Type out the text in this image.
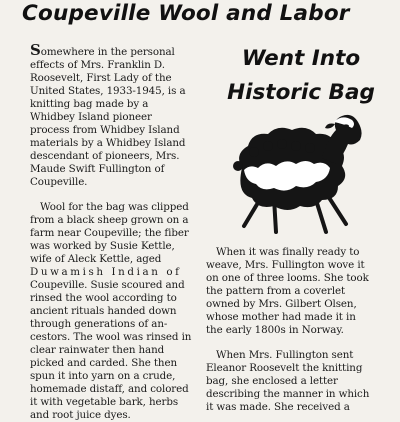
Coupeville Wool and Labor
Went Into
Historic Bag

Somewhere in the personal
effects of Mrs. Franklin D.
Roosevelt, First Lady of the
United States, 1933-1945, is a
knitting bag made by a
Whidbey Island pioneer
process from Whidbey Island
materials by a Whidbey Island
descendant of pioneers, Mrs.
Maude Swift Fullington of
Coupeville.

Wool for the bag was clipped
from a black sheep grown on a
farm near Coupeville; the fiber
was worked by Susie Kettle,
wife of Aleck Kettle, aged
Duwamish Indian of
Coupeville. Susie scoured and
rinsed the wool according to
ancient rituals handed down
through generations of an-
cestors. The wool was rinsed in
clear rainwater then hand
picked and carded. She then
spun it into yarn on a crude,
homemade distaff, and colored
it with vegetable bark, herbs
and root juice dyes.

When it was finally ready to
weave, Mrs. Fullington wove it
on one of three looms. She took
the pattern from a coverlet
owned by Mrs. Gilbert Olsen,
whose mother had made it in
the early 1800s in Norway.

When Mrs. Fullington sent
Eleanor Roosevelt the knitting
bag, she enclosed a letter
describing the manner in which
it was made. She received a
